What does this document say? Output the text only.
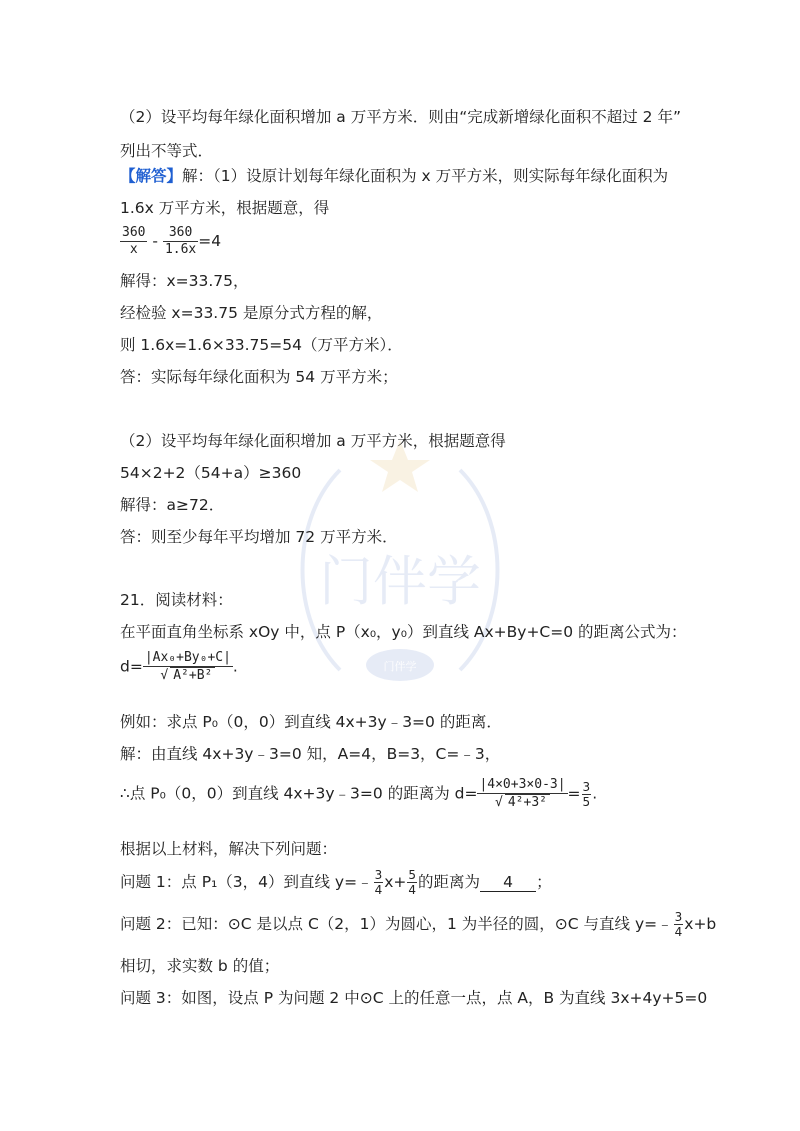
门伴学
门伴学
（2）设平均每年绿化面积增加 a 万平方米．则由“完成新增绿化面积不超过 2 年”
列出不等式．
【解答】解：（1）设原计划每年绿化面积为 x 万平方米，则实际每年绿化面积为
1.6x 万平方米，根据题意，得
$\frac{360}{x} - \frac{360}{1.6x} =4$
解得：x=33.75，
经检验 x=33.75 是原分式方程的解，
则 1.6x=1.6×33.75=54（万平方米）．
答：实际每年绿化面积为 54 万平方米；
（2）设平均每年绿化面积增加 a 万平方米，根据题意得
54×2+2（54+a）≥360
解得：a≥72．
答：则至少每年平均增加 72 万平方米．
21．阅读材料：
在平面直角坐标系 xOy 中，点 P（x₀，y₀）到直线 Ax+By+C=0 的距离公式为：
$d= \frac{\text{|Ax₀+By₀+C|}}{\text{√ A²+B²}}$ .
例如：求点 P₀（0，0）到直线 4x+3y﹣3=0 的距离．
解：由直线 4x+3y﹣3=0 知，A=4，B=3，C=﹣3，
∴点 P₀（0，0）到直线 4x+3y﹣3=0 的距离为 $d= \frac{|4\times 0+3\times 0-3|}{\text{√ 4²+3²}} = \frac{3}{5}$ .
根据以上材料，解决下列问题：
问题 1：点 P₁（3，4）到直线 y=﹣ $\frac{3}{4} x+ \frac{5}{4}$ 的距离为 4 ；
问题 2：已知：⊙C 是以点 C（2，1）为圆心，1 为半径的圆，⊙C 与直线 y=﹣ $\frac{3}{4} x+b$
相切，求实数 b 的值；
问题 3：如图，设点 P 为问题 2 中⊙C 上的任意一点，点 A，B 为直线 3x+4y+5=0
